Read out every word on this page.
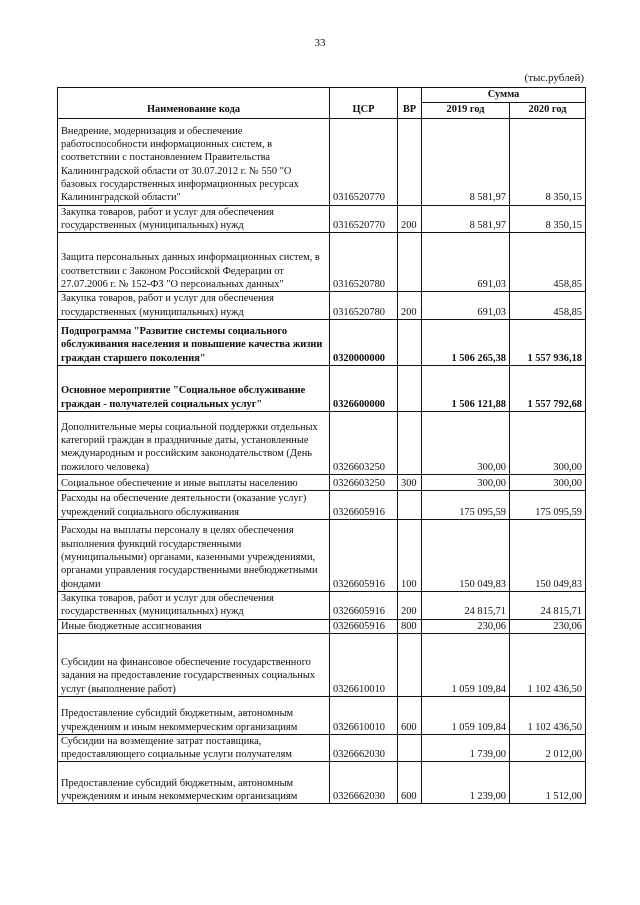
33
(тыс.рублей)
Наименование кода	ЦСР	ВР	Сумма	
			2019 год	2020 год
Внедрение, модернизация и обеспечение работоспособности информационных систем, в соответствии с постановлением Правительства Калининградской области от 30.07.2012 г. № 550 "О базовых государственных информационных ресурсах Калининградской области"	0316520770		8 581,97	8 350,15
Закупка товаров, работ и услуг для обеспечения государственных (муниципальных) нужд	0316520770	200	8 581,97	8 350,15
Защита персональных данных информационных систем, в соответствии с Законом Российской Федерации от 27.07.2006 г. № 152-ФЗ "О персональных данных"	0316520780		691,03	458,85
Закупка товаров, работ и услуг для обеспечения государственных (муниципальных) нужд	0316520780	200	691,03	458,85
Подпрограмма "Развитие системы социального обслуживания населения и повышение качества жизни граждан старшего поколения"	0320000000		1 506 265,38	1 557 936,18
Основное мероприятие "Социальное обслуживание граждан - получателей социальных услуг"	0326600000		1 506 121,88	1 557 792,68
Дополнительные меры социальной поддержки отдельных категорий граждан в праздничные даты, установленные международным и российским законодательством (День пожилого человека)	0326603250		300,00	300,00
Социальное обеспечение и иные выплаты населению	0326603250	300	300,00	300,00
Расходы на обеспечение деятельности (оказание услуг) учреждений социального обслуживания	0326605916		175 095,59	175 095,59
Расходы на выплаты персоналу в целях обеспечения выполнения функций государственными (муниципальными) органами, казенными учреждениями, органами управления государственными внебюджетными фондами	0326605916	100	150 049,83	150 049,83
Закупка товаров, работ и услуг для обеспечения государственных (муниципальных) нужд	0326605916	200	24 815,71	24 815,71
Иные бюджетные ассигнования	0326605916	800	230,06	230,06
Субсидии на финансовое обеспечение государственного задания на предоставление государственных социальных услуг (выполнение работ)	0326610010		1 059 109,84	1 102 436,50
Предоставление субсидий бюджетным, автономным учреждениям и иным некоммерческим организациям	0326610010	600	1 059 109,84	1 102 436,50
Субсидии на возмещение затрат поставщика, предоставляющего социальные услуги получателям	0326662030		1 739,00	2 012,00
Предоставление субсидий бюджетным, автономным учреждениям и иным некоммерческим организациям	0326662030	600	1 239,00	1 512,00
